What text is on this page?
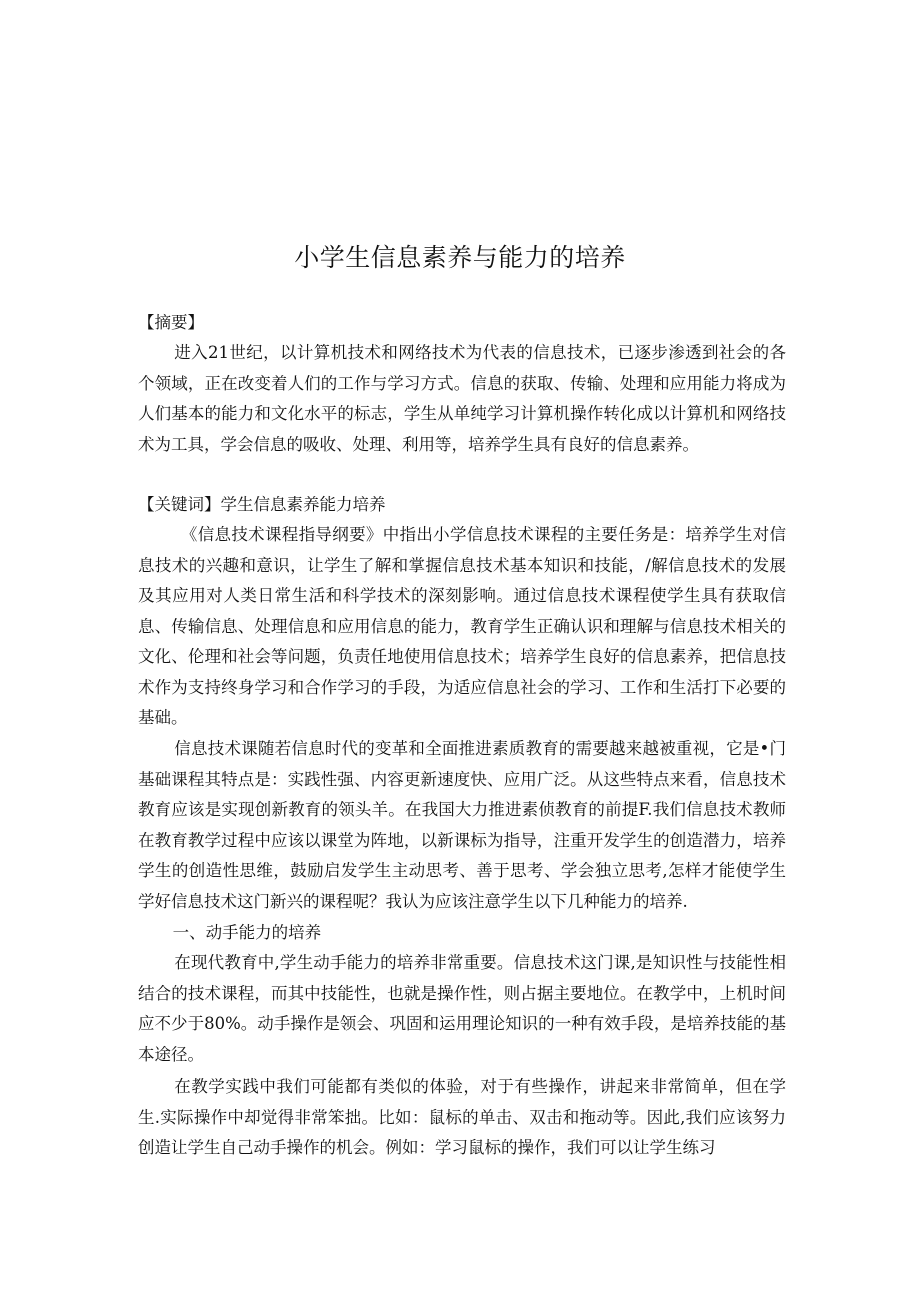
小学生信息素养与能力的培养

【摘要】

进入21世纪，以计算机技术和网络技术为代表的信息技术，已逐步渗透到社会的各个领域，正在改变着人们的工作与学习方式。信息的获取、传输、处理和应用能力将成为人们基本的能力和文化水平的标志，学生从单纯学习计算机操作转化成以计算机和网络技术为工具，学会信息的吸收、处理、利用等，培养学生具有良好的信息素养。

【关键词】学生信息素养能力培养

《信息技术课程指导纲要》中指出小学信息技术课程的主要任务是：培养学生对信息技术的兴趣和意识，让学生了解和掌握信息技术基本知识和技能，/解信息技术的发展及其应用对人类日常生活和科学技术的深刻影响。通过信息技术课程使学生具有获取信息、传输信息、处理信息和应用信息的能力，教育学生正确认识和理解与信息技术相关的文化、伦理和社会等问题，负责任地使用信息技术；培养学生良好的信息素养，把信息技术作为支持终身学习和合作学习的手段，为适应信息社会的学习、工作和生活打下必要的基础。

信息技术课随若信息时代的变革和全面推进素质教育的需要越来越被重视，它是•门基础课程其特点是：实践性强、内容更新速度快、应用广泛。从这些特点来看，信息技术教育应该是实现创新教育的领头羊。在我国大力推进素侦教育的前提F.我们信息技术教师在教育教学过程中应该以课堂为阵地，以新课标为指导，注重开发学生的创造潜力，培养学生的创造性思维，鼓励启发学生主动思考、善于思考、学会独立思考,怎样才能使学生学好信息技术这门新兴的课程呢？我认为应该注意学生以下几种能力的培养.

一、动手能力的培养

在现代教育中,学生动手能力的培养非常重要。信息技术这门课,是知识性与技能性相结合的技术课程，而其中技能性，也就是操作性，则占据主要地位。在教学中，上机时间应不少于80%。动手操作是领会、巩固和运用理论知识的一种有效手段，是培养技能的基本途径。

在教学实践中我们可能都有类似的体验，对于有些操作，讲起来非常简单，但在学生.实际操作中却觉得非常笨拙。比如：鼠标的单击、双击和拖动等。因此,我们应该努力创造让学生自己动手操作的机会。例如：学习鼠标的操作，我们可以让学生练习
